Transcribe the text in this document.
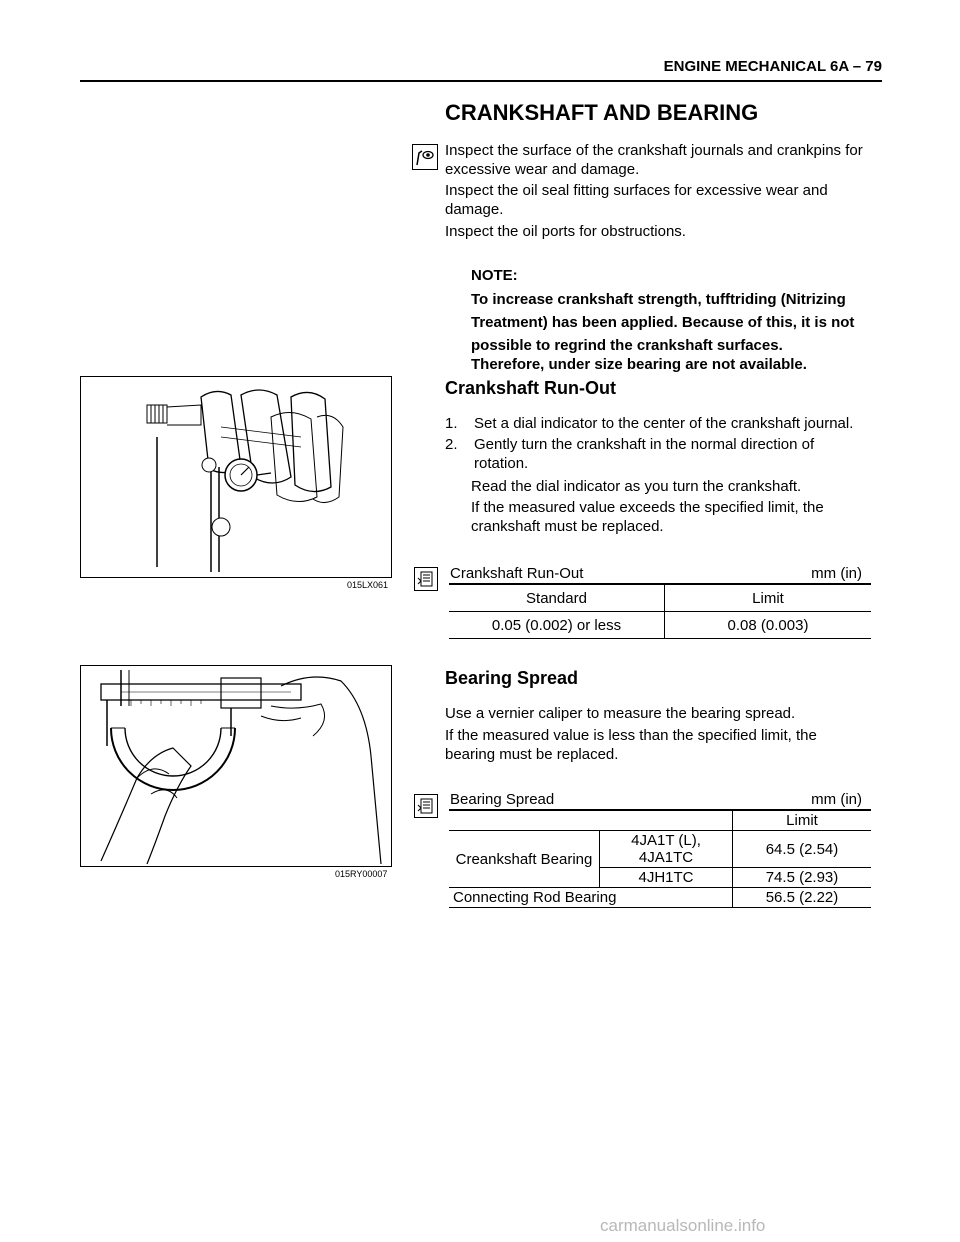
ENGINE MECHANICAL 6A – 79
CRANKSHAFT AND BEARING
Inspect the surface of the crankshaft journals and crankpins for excessive wear and damage.
Inspect the oil seal fitting surfaces for excessive wear and damage.
Inspect the oil ports for obstructions.
NOTE:
To increase crankshaft strength, tufftriding (Nitrizing Treatment) has been applied. Because of this, it is not possible to regrind the crankshaft surfaces.
Therefore, under size bearing are not available.
015LX061
Crankshaft Run-Out
1. Set a dial indicator to the center of the crankshaft journal.
2. Gently turn the crankshaft in the normal direction of rotation.
Read the dial indicator as you turn the crankshaft.
If the measured value exceeds the specified limit, the crankshaft must be replaced.
Crankshaft Run-Out	mm (in)
Standard	Limit
0.05 (0.002) or less	0.08 (0.003)
015RY00007
Bearing Spread
Use a vernier caliper to measure the bearing spread.
If the measured value is less than the specified limit, the bearing must be replaced.
Bearing Spread	mm (in)
		Limit
Creankshaft Bearing	4JA1T (L), 4JA1TC	64.5 (2.54)
	4JH1TC	74.5 (2.93)
Connecting Rod Bearing		56.5 (2.22)
carmanualsonline.info
